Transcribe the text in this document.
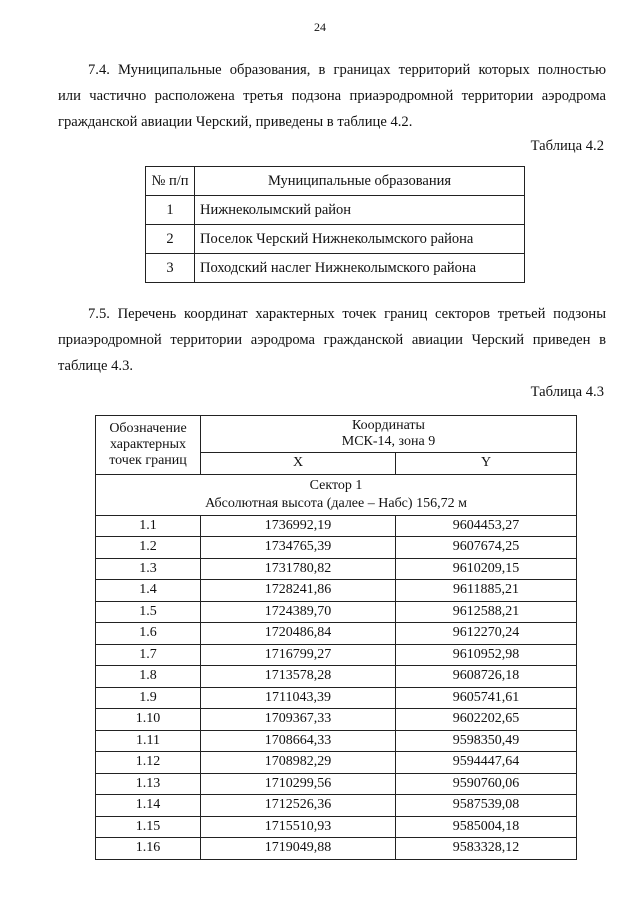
24
7.4. Муниципальные образования, в границах территорий которых полностью
или частично расположена третья подзона приаэродромной территории аэродрома
гражданской авиации Черский, приведены в таблице 4.2.
Таблица 4.2
№ п/п	Муниципальные образования
1	Нижнеколымский район
2	Поселок Черский Нижнеколымского района
3	Походский наслег Нижнеколымского района
7.5. Перечень координат характерных точек границ секторов третьей подзоны
приаэродромной территории аэродрома гражданской авиации Черский приведен в
таблице 4.3.
Таблица 4.3
Обозначение
характерных
точек границ	Координаты
МСК-14, зона 9	

	X	Y

Сектор 1
Абсолютная высота (далее – Набс) 156,72 м		

1.1	1736992,19	9604453,27
1.2	1734765,39	9607674,25
1.3	1731780,82	9610209,15
1.4	1728241,86	9611885,21
1.5	1724389,70	9612588,21
1.6	1720486,84	9612270,24
1.7	1716799,27	9610952,98
1.8	1713578,28	9608726,18
1.9	1711043,39	9605741,61
1.10	1709367,33	9602202,65
1.11	1708664,33	9598350,49
1.12	1708982,29	9594447,64
1.13	1710299,56	9590760,06
1.14	1712526,36	9587539,08
1.15	1715510,93	9585004,18
1.16	1719049,88	9583328,12
